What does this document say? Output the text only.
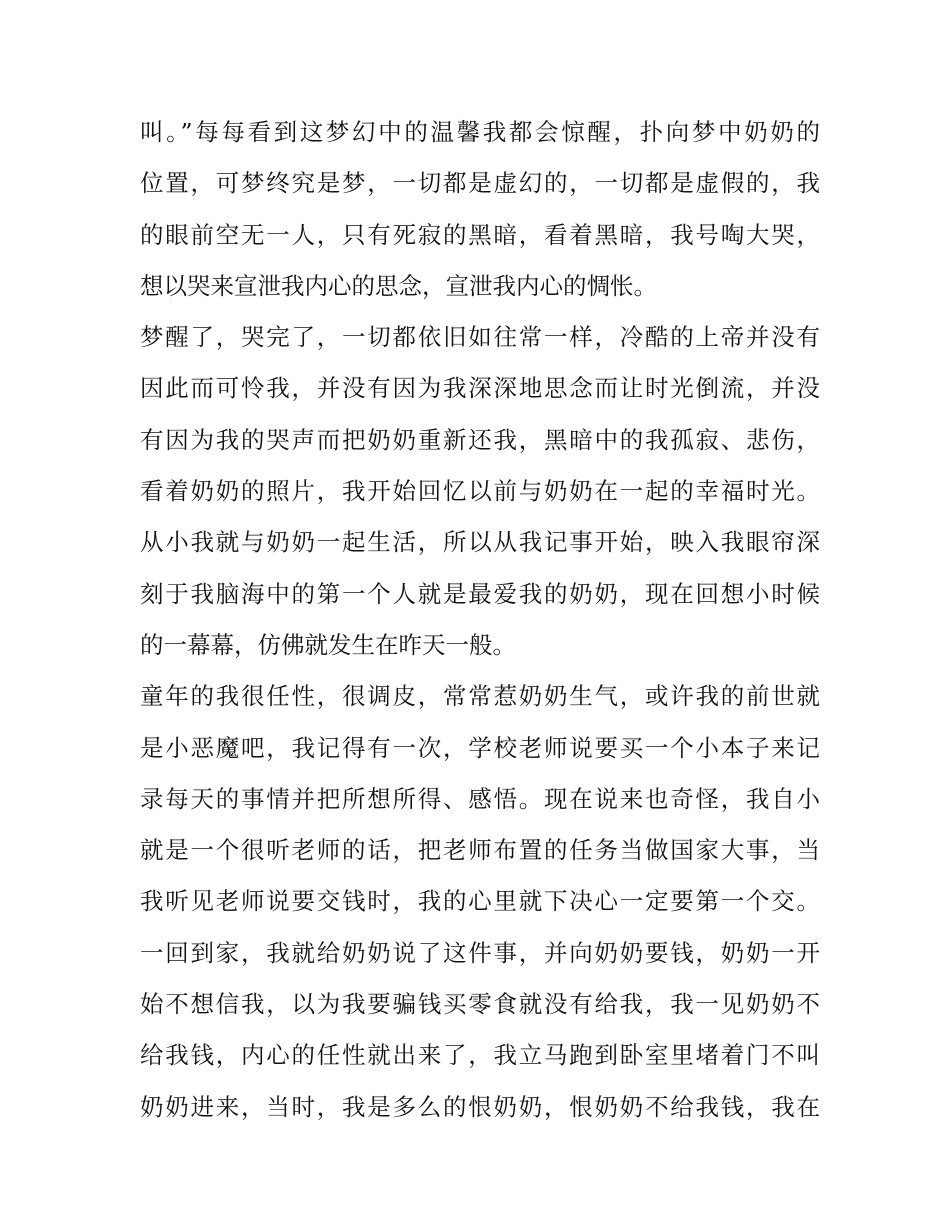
叫。”每每看到这梦幻中的温馨我都会惊醒，扑向梦中奶奶的
位置，可梦终究是梦，一切都是虚幻的，一切都是虚假的，我
的眼前空无一人，只有死寂的黑暗，看着黑暗，我号啕大哭，
想以哭来宣泄我内心的思念，宣泄我内心的惆怅。
梦醒了，哭完了，一切都依旧如往常一样，冷酷的上帝并没有
因此而可怜我，并没有因为我深深地思念而让时光倒流，并没
有因为我的哭声而把奶奶重新还我，黑暗中的我孤寂、悲伤，
看着奶奶的照片，我开始回忆以前与奶奶在一起的幸福时光。
从小我就与奶奶一起生活，所以从我记事开始，映入我眼帘深
刻于我脑海中的第一个人就是最爱我的奶奶，现在回想小时候
的一幕幕，仿佛就发生在昨天一般。
童年的我很任性，很调皮，常常惹奶奶生气，或许我的前世就
是小恶魔吧，我记得有一次，学校老师说要买一个小本子来记
录每天的事情并把所想所得、感悟。现在说来也奇怪，我自小
就是一个很听老师的话，把老师布置的任务当做国家大事，当
我听见老师说要交钱时，我的心里就下决心一定要第一个交。
一回到家，我就给奶奶说了这件事，并向奶奶要钱，奶奶一开
始不想信我，以为我要骗钱买零食就没有给我，我一见奶奶不
给我钱，内心的任性就出来了，我立马跑到卧室里堵着门不叫
奶奶进来，当时，我是多么的恨奶奶，恨奶奶不给我钱，我在
